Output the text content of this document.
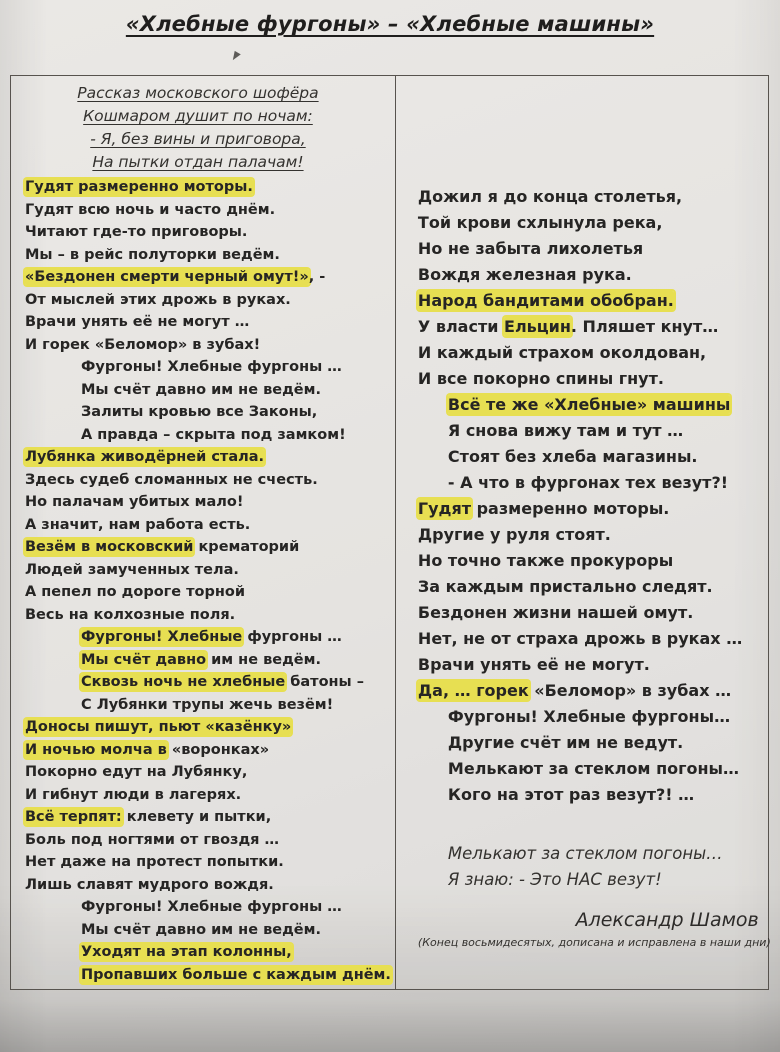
«Хлебные фургоны» – «Хлебные машины»
Рассказ московского шофёра
Кошмаром душит по ночам:
- Я, без вины и приговора,
На пытки отдан палачам!
Гудят размеренно моторы.
Гудят всю ночь и часто днём.
Читают где-то приговоры.
Мы – в рейс полуторки ведём.
«Бездонен смерти черный омут!», -
От мыслей этих дрожь в руках.
Врачи унять её не могут …
И горек «Беломор» в зубах!
Фургоны! Хлебные фургоны …
Мы счёт давно им не ведём.
Залиты кровью все Законы,
А правда – скрыта под замком!
Лубянка живодёрней стала.
Здесь судеб сломанных не счесть.
Но палачам убитых мало!
А значит, нам работа есть.
Везём в московский крематорий
Людей замученных тела.
А пепел по дороге торной
Весь на колхозные поля.
Фургоны! Хлебные фургоны …
Мы счёт давно им не ведём.
Сквозь ночь не хлебные батоны –
С Лубянки трупы жечь везём!
Доносы пишут, пьют «казёнку»
И ночью молча в «воронках»
Покорно едут на Лубянку,
И гибнут люди в лагерях.
Всё терпят: клевету и пытки,
Боль под ногтями от гвоздя …
Нет даже на протест попытки.
Лишь славят мудрого вождя.
Фургоны! Хлебные фургоны …
Мы счёт давно им не ведём.
Уходят на этап колонны,
Пропавших больше с каждым днём.
Дожил я до конца столетья,
Той крови схлынула река,
Но не забыта лихолетья
Вождя железная рука.
Народ бандитами обобран.
У власти Ельцин. Пляшет кнут…
И каждый страхом околдован,
И все покорно спины гнут.
Всё те же «Хлебные» машины
Я снова вижу там и тут …
Стоят без хлеба магазины.
- А что в фургонах тех везут?!
Гудят размеренно моторы.
Другие у руля стоят.
Но точно также прокуроры
За каждым пристально следят.
Бездонен жизни нашей омут.
Нет, не от страха дрожь в руках …
Врачи унять её не могут.
Да, … горек «Беломор» в зубах …
Фургоны! Хлебные фургоны…
Другие счёт им не ведут.
Мелькают за стеклом погоны…
Кого на этот раз везут?! …
Мелькают за стеклом погоны…
Я знаю: - Это НАС везут!
Александр Шамов
(Конец восьмидесятых, дописана и исправлена в наши дни)
